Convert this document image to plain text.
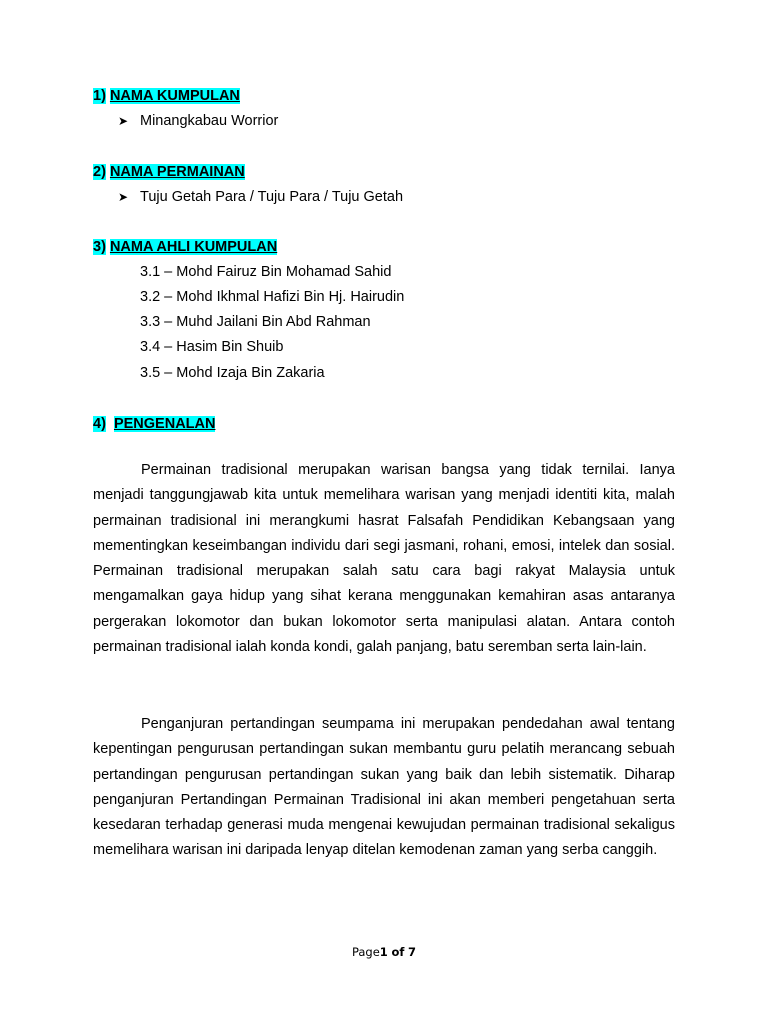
1) NAMA KUMPULAN
➤ Minangkabau Worrior
2) NAMA PERMAINAN
➤ Tuju Getah Para / Tuju Para / Tuju Getah
3) NAMA AHLI KUMPULAN
3.1 – Mohd Fairuz Bin Mohamad Sahid
3.2 – Mohd Ikhmal Hafizi Bin Hj. Hairudin
3.3 – Muhd Jailani Bin Abd Rahman
3.4 – Hasim Bin Shuib
3.5 – Mohd Izaja Bin Zakaria
4) PENGENALAN

Permainan tradisional merupakan warisan bangsa yang tidak ternilai. Ianya menjadi tanggungjawab kita untuk memelihara warisan yang menjadi identiti kita, malah permainan tradisional ini merangkumi hasrat Falsafah Pendidikan Kebangsaan yang mementingkan keseimbangan individu dari segi jasmani, rohani, emosi, intelek dan sosial. Permainan tradisional merupakan salah satu cara bagi rakyat Malaysia untuk mengamalkan gaya hidup yang sihat kerana menggunakan kemahiran asas antaranya pergerakan lokomotor dan bukan lokomotor serta manipulasi alatan. Antara contoh permainan tradisional ialah konda kondi, galah panjang, batu seremban serta lain-lain.

Penganjuran pertandingan seumpama ini merupakan pendedahan awal tentang kepentingan pengurusan pertandingan sukan membantu guru pelatih merancang sebuah pertandingan pengurusan pertandingan sukan yang baik dan lebih sistematik. Diharap penganjuran Pertandingan Permainan Tradisional ini akan memberi pengetahuan serta kesedaran terhadap generasi muda mengenai kewujudan permainan tradisional sekaligus memelihara warisan ini daripada lenyap ditelan kemodenan zaman yang serba canggih.

Page1 of 7
